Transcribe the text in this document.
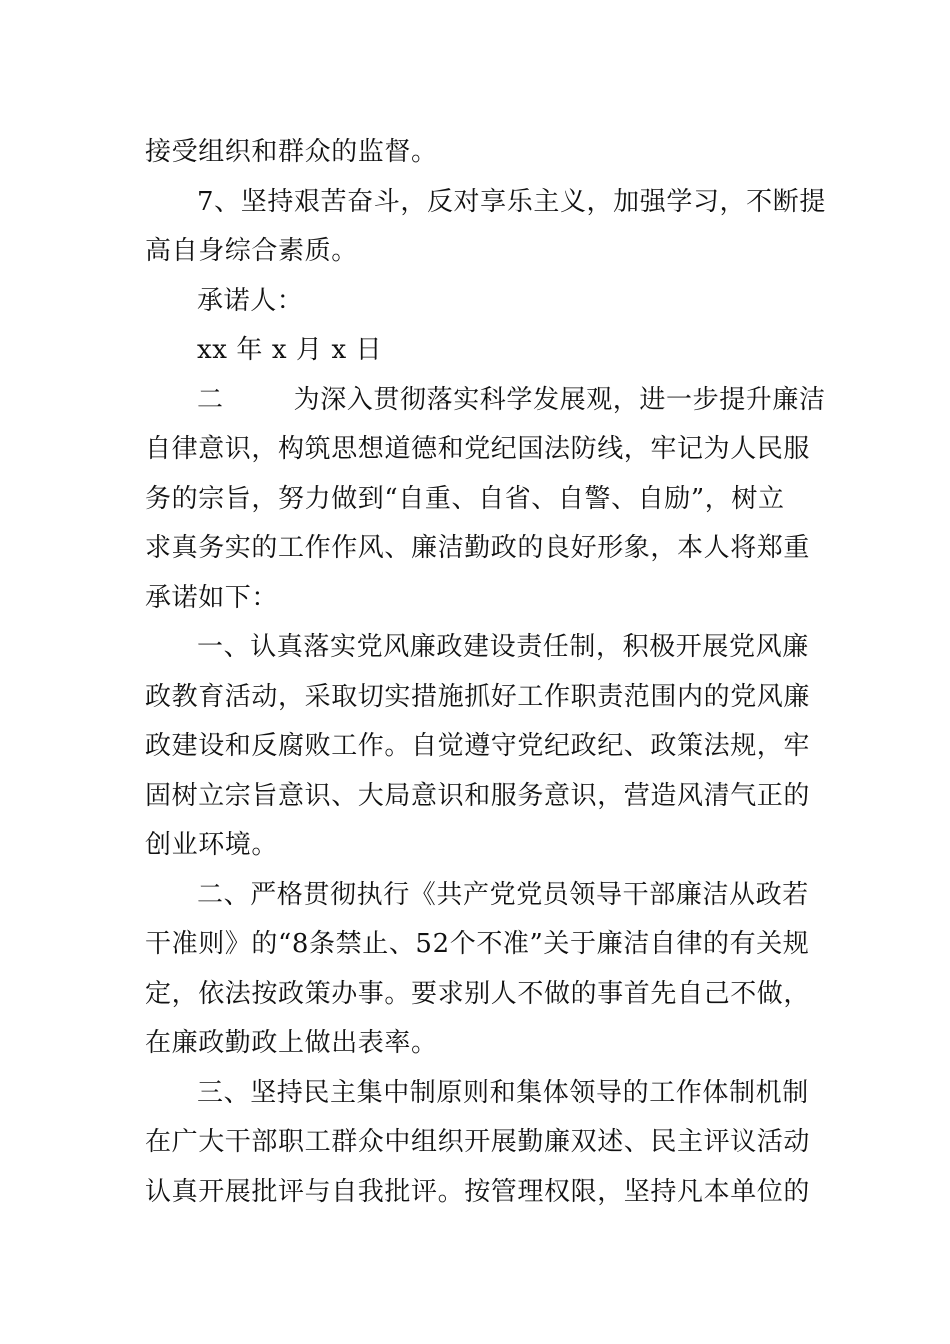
接受组织和群众的监督。
7、坚持艰苦奋斗，反对享乐主义，加强学习，不断提
高自身综合素质。
承诺人：
xx 年 x 月 x 日
二	为深入贯彻落实科学发展观，进一步提升廉洁
自律意识，构筑思想道德和党纪国法防线，牢记为人民服
务的宗旨，努力做到“自重、自省、自警、自励”，树立
求真务实的工作作风、廉洁勤政的良好形象，本人将郑重
承诺如下：
一、认真落实党风廉政建设责任制，积极开展党风廉
政教育活动，采取切实措施抓好工作职责范围内的党风廉
政建设和反腐败工作。自觉遵守党纪政纪、政策法规，牢
固树立宗旨意识、大局意识和服务意识，营造风清气正的
创业环境。
二、严格贯彻执行《共产党党员领导干部廉洁从政若
干准则》的“8条禁止、52个不准”关于廉洁自律的有关规
定，依法按政策办事。要求别人不做的事首先自己不做，
在廉政勤政上做出表率。
三、坚持民主集中制原则和集体领导的工作体制机制
在广大干部职工群众中组织开展勤廉双述、民主评议活动
认真开展批评与自我批评。按管理权限，坚持凡本单位的
